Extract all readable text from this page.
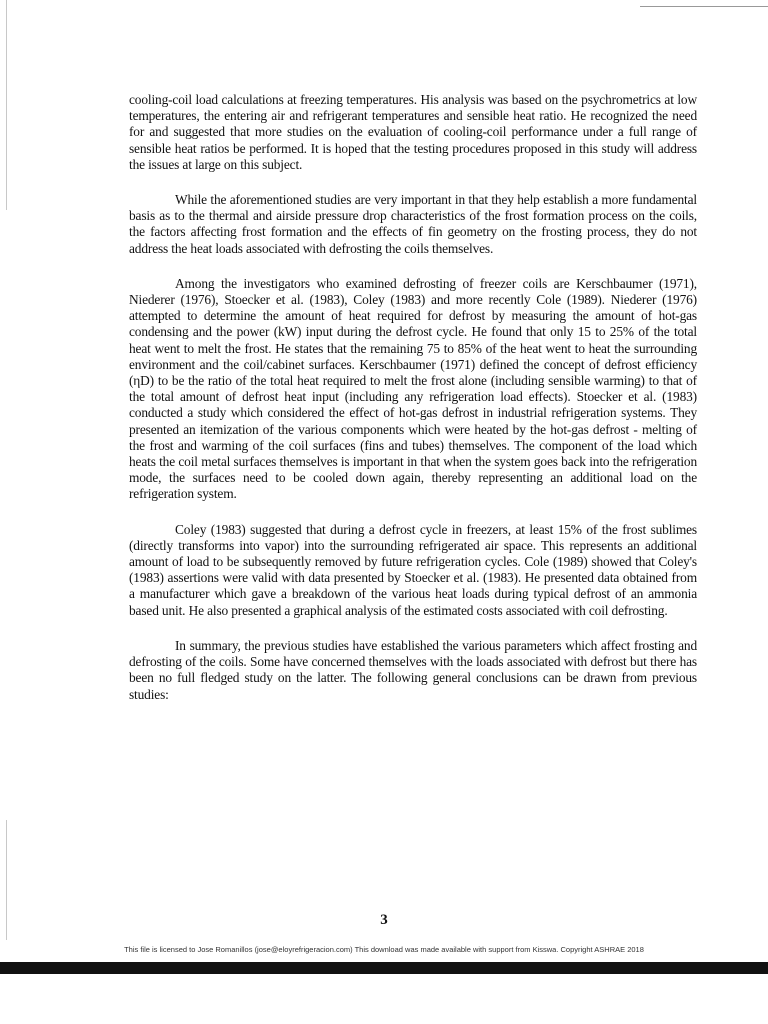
cooling-coil load calculations at freezing temperatures. His analysis was based on the psychrometrics at low temperatures, the entering air and refrigerant temperatures and sensible heat ratio. He recognized the need for and suggested that more studies on the evaluation of cooling-coil performance under a full range of sensible heat ratios be performed. It is hoped that the testing procedures proposed in this study will address the issues at large on this subject.

While the aforementioned studies are very important in that they help establish a more fundamental basis as to the thermal and airside pressure drop characteristics of the frost formation process on the coils, the factors affecting frost formation and the effects of fin geometry on the frosting process, they do not address the heat loads associated with defrosting the coils themselves.

Among the investigators who examined defrosting of freezer coils are Kerschbaumer (1971), Niederer (1976), Stoecker et al. (1983), Coley (1983) and more recently Cole (1989). Niederer (1976) attempted to determine the amount of heat required for defrost by measuring the amount of hot-gas condensing and the power (kW) input during the defrost cycle. He found that only 15 to 25% of the total heat went to melt the frost. He states that the remaining 75 to 85% of the heat went to heat the surrounding environment and the coil/cabinet surfaces. Kerschbaumer (1971) defined the concept of defrost efficiency (ηD) to be the ratio of the total heat required to melt the frost alone (including sensible warming) to that of the total amount of defrost heat input (including any refrigeration load effects). Stoecker et al. (1983) conducted a study which considered the effect of hot-gas defrost in industrial refrigeration systems. They presented an itemization of the various components which were heated by the hot-gas defrost - melting of the frost and warming of the coil surfaces (fins and tubes) themselves. The component of the load which heats the coil metal surfaces themselves is important in that when the system goes back into the refrigeration mode, the surfaces need to be cooled down again, thereby representing an additional load on the refrigeration system.

Coley (1983) suggested that during a defrost cycle in freezers, at least 15% of the frost sublimes (directly transforms into vapor) into the surrounding refrigerated air space. This represents an additional amount of load to be subsequently removed by future refrigeration cycles. Cole (1989) showed that Coley's (1983) assertions were valid with data presented by Stoecker et al. (1983). He presented data obtained from a manufacturer which gave a breakdown of the various heat loads during typical defrost of an ammonia based unit. He also presented a graphical analysis of the estimated costs associated with coil defrosting.

In summary, the previous studies have established the various parameters which affect frosting and defrosting of the coils. Some have concerned themselves with the loads associated with defrost but there has been no full fledged study on the latter. The following general conclusions can be drawn from previous studies:

3
This file is licensed to Jose Romanillos (jose@eloyrefrigeracion.com) This download was made available with support from Kisswa. Copyright ASHRAE 2018
